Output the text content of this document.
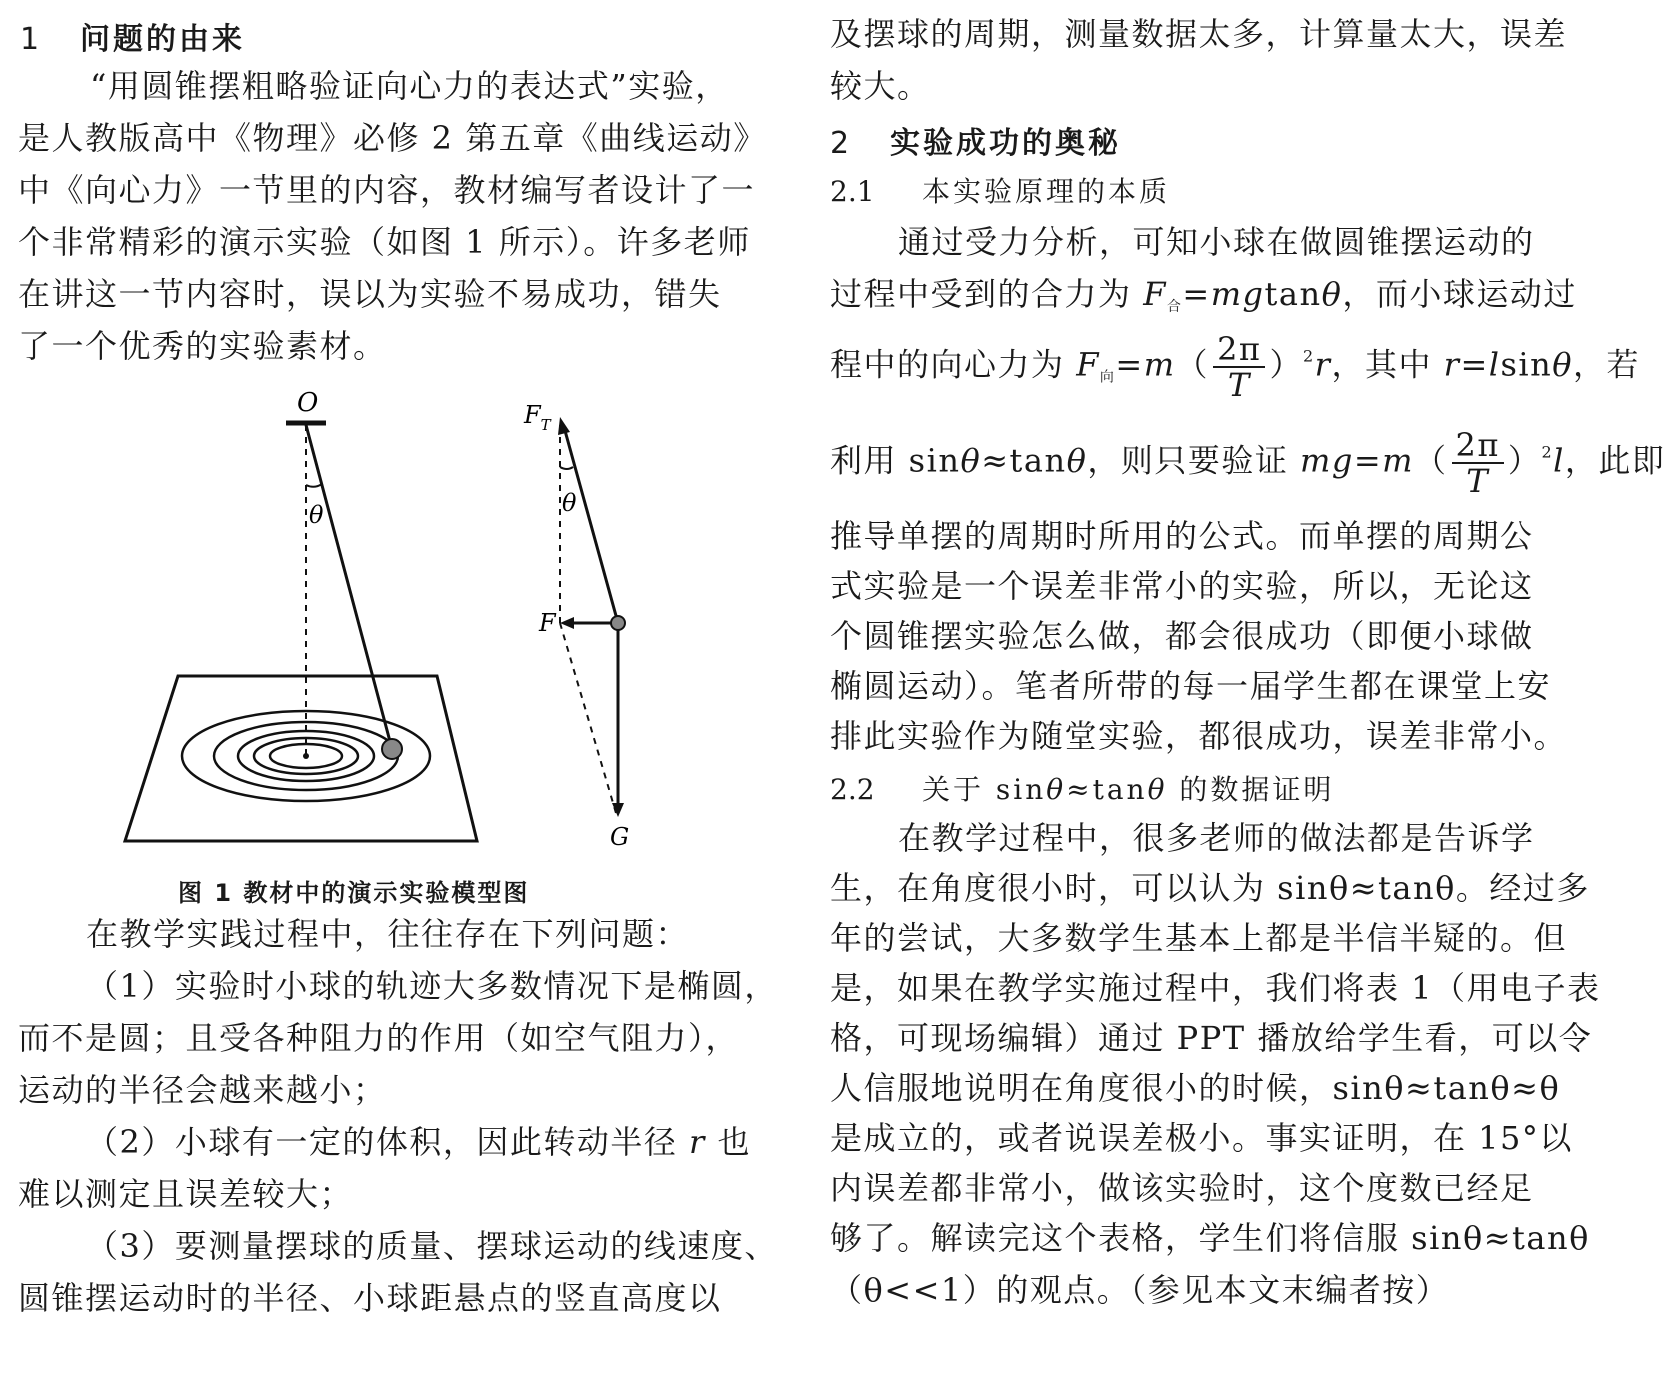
1 问题的由来
“用圆锥摆粗略验证向心力的表达式”实验，
是人教版高中《物理》必修 2 第五章《曲线运动》
中《向心力》一节里的内容，教材编写者设计了一
个非常精彩的演示实验（如图 1 所示）。许多老师
在讲这一节内容时，误以为实验不易成功，错失
了一个优秀的实验素材。
O
θ
$F_T$
θ
F
G
图 1 教材中的演示实验模型图
在教学实践过程中，往往存在下列问题：
（1）实验时小球的轨迹大多数情况下是椭圆，
而不是圆；且受各种阻力的作用（如空气阻力），
运动的半径会越来越小；
（2）小球有一定的体积，因此转动半径 r 也
难以测定且误差较大；
（3）要测量摆球的质量、摆球运动的线速度、
圆锥摆运动时的半径、小球距悬点的竖直高度以
及摆球的周期，测量数据太多，计算量太大，误差
较大。
2 实验成功的奥秘
2.1 本实验原理的本质
通过受力分析，可知小球在做圆锥摆运动的
过程中受到的合力为 $F_合=mgtan\theta$，而小球运动过
程中的向心力为 $F_向=m( \frac{2\pi}{T} )^2r$，其中 r=lsinθ，若
利用 sinθ≈tanθ，则只要验证 $mg=m( \frac{2\pi}{T} )^2l$，此即
推导单摆的周期时所用的公式。而单摆的周期公
式实验是一个误差非常小的实验，所以，无论这
个圆锥摆实验怎么做，都会很成功（即便小球做
椭圆运动）。笔者所带的每一届学生都在课堂上安
排此实验作为随堂实验，都很成功，误差非常小。
2.2 关于 sinθ≈tanθ 的数据证明
在教学过程中，很多老师的做法都是告诉学
生，在角度很小时，可以认为 sinθ≈tanθ。经过多
年的尝试，大多数学生基本上都是半信半疑的。但
是，如果在教学实施过程中，我们将表 1（用电子表
格，可现场编辑）通过 PPT 播放给学生看，可以令
人信服地说明在角度很小的时候，sinθ≈tanθ≈θ
是成立的，或者说误差极小。事实证明，在 15°以
内误差都非常小，做该实验时，这个度数已经足
够了。解读完这个表格，学生们将信服 sinθ≈tanθ
（θ<<1）的观点。（参见本文末编者按）
